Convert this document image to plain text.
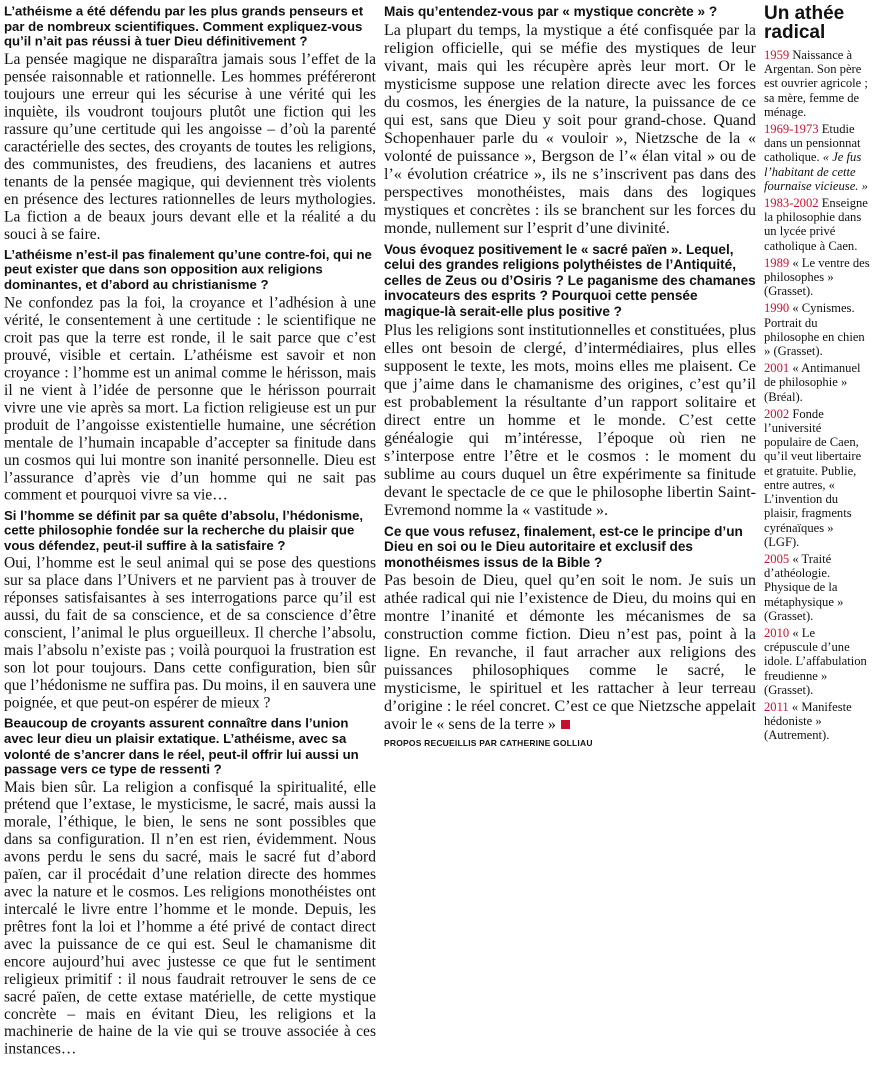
L’athéisme a été défendu par les plus grands penseurs et par de nombreux scientifiques. Comment expliquez-vous qu’il n’ait pas réussi à tuer Dieu définitivement ?

La pensée magique ne disparaîtra jamais sous l’effet de la pensée raisonnable et rationnelle. Les hommes préféreront toujours une erreur qui les sécurise à une vérité qui les inquiète, ils voudront toujours plutôt une fiction qui les rassure qu’une certitude qui les angoisse – d’où la parenté caractérielle des sectes, des croyants de toutes les religions, des communistes, des freudiens, des lacaniens et autres tenants de la pensée magique, qui deviennent très violents en présence des lectures rationnelles de leurs mythologies. La fiction a de beaux jours devant elle et la réalité a du souci à se faire.

L’athéisme n’est-il pas finalement qu’une contre-foi, qui ne peut exister que dans son opposition aux religions dominantes, et d’abord au christianisme ?

Ne confondez pas la foi, la croyance et l’adhésion à une vérité, le consentement à une certitude : le scientifique ne croit pas que la terre est ronde, il le sait parce que c’est prouvé, visible et certain. L’athéisme est savoir et non croyance : l’homme est un animal comme le hérisson, mais il ne vient à l’idée de personne que le hérisson pourrait vivre une vie après sa mort. La fiction religieuse est un pur produit de l’angoisse existentielle humaine, une sécrétion mentale de l’humain incapable d’accepter sa finitude dans un cosmos qui lui montre son inanité personnelle. Dieu est l’assurance d’après vie d’un homme qui ne sait pas comment et pourquoi vivre sa vie…

Si l’homme se définit par sa quête d’absolu, l’hédonisme, cette philosophie fondée sur la recherche du plaisir que vous défendez, peut-il suffire à la satisfaire ?

Oui, l’homme est le seul animal qui se pose des questions sur sa place dans l’Univers et ne parvient pas à trouver de réponses satisfaisantes à ses interrogations parce qu’il est aussi, du fait de sa conscience, et de sa conscience d’être conscient, l’animal le plus orgueilleux. Il cherche l’absolu, mais l’absolu n’existe pas ; voilà pourquoi la frustration est son lot pour toujours. Dans cette configuration, bien sûr que l’hédonisme ne suffira pas. Du moins, il en sauvera une poignée, et que peut-on espérer de mieux ?

Beaucoup de croyants assurent connaître dans l’union avec leur dieu un plaisir extatique. L’athéisme, avec sa volonté de s’ancrer dans le réel, peut-il offrir lui aussi un passage vers ce type de ressenti ?

Mais bien sûr. La religion a confisqué la spiritualité, elle prétend que l’extase, le mysticisme, le sacré, mais aussi la morale, l’éthique, le bien, le sens ne sont possibles que dans sa configuration. Il n’en est rien, évidemment. Nous avons perdu le sens du sacré, mais le sacré fut d’abord païen, car il procédait d’une relation directe des hommes avec la nature et le cosmos. Les religions monothéistes ont intercalé le livre entre l’homme et le monde. Depuis, les prêtres font la loi et l’homme a été privé de contact direct avec la puissance de ce qui est. Seul le chamanisme dit encore aujourd’hui avec justesse ce que fut le sentiment religieux primitif : il nous faudrait retrouver le sens de ce sacré païen, de cette extase matérielle, de cette mystique concrète – mais en évitant Dieu, les religions et la machinerie de haine de la vie qui se trouve associée à ces instances…

Mais qu’entendez-vous par « mystique concrète » ?

La plupart du temps, la mystique a été confisquée par la religion officielle, qui se méfie des mystiques de leur vivant, mais qui les récupère après leur mort. Or le mysticisme suppose une relation directe avec les forces du cosmos, les énergies de la nature, la puissance de ce qui est, sans que Dieu y soit pour grand-chose. Quand Schopenhauer parle du « vouloir », Nietzsche de la « volonté de puissance », Bergson de l’« élan vital » ou de l’« évolution créatrice », ils ne s’inscrivent pas dans des perspectives monothéistes, mais dans des logiques mystiques et concrètes : ils se branchent sur les forces du monde, nullement sur l’esprit d’une divinité.

Vous évoquez positivement le « sacré païen ». Lequel, celui des grandes religions polythéistes de l’Antiquité, celles de Zeus ou d’Osiris ? Le paganisme des chamanes invocateurs des esprits ? Pourquoi cette pensée magique-là serait-elle plus positive ?

Plus les religions sont institutionnelles et constituées, plus elles ont besoin de clergé, d’intermédiaires, plus elles supposent le texte, les mots, moins elles me plaisent. Ce que j’aime dans le chamanisme des origines, c’est qu’il est probablement la résultante d’un rapport solitaire et direct entre un homme et le monde. C’est cette généalogie qui m’intéresse, l’époque où rien ne s’interpose entre l’être et le cosmos : le moment du sublime au cours duquel un être expérimente sa finitude devant le spectacle de ce que le philosophe libertin Saint-Evremond nomme la « vastitude ».

Ce que vous refusez, finalement, est-ce le principe d’un Dieu en soi ou le Dieu autoritaire et exclusif des monothéismes issus de la Bible ?

Pas besoin de Dieu, quel qu’en soit le nom. Je suis un athée radical qui nie l’existence de Dieu, du moins qui en montre l’inanité et démonte les mécanismes de sa construction comme fiction. Dieu n’est pas, point à la ligne. En revanche, il faut arracher aux religions des puissances philosophiques comme le sacré, le mysticisme, le spirituel et les rattacher à leur terreau d’origine : le réel concret. C’est ce que Nietzsche appelait avoir le « sens de la terre »

PROPOS RECUEILLIS PAR CATHERINE GOLLIAU

Un athée radical

1959 Naissance à Argentan. Son père est ouvrier agricole ; sa mère, femme de ménage.

1969-1973 Etudie dans un pensionnat catholique. « Je fus l’habitant de cette fournaise vicieuse. »

1983-2002 Enseigne la philosophie dans un lycée privé catholique à Caen.

1989 « Le ventre des philosophes » (Grasset).

1990 « Cynismes. Portrait du philosophe en chien » (Grasset).

2001 « Antimanuel de philosophie » (Bréal).

2002 Fonde l’université populaire de Caen, qu’il veut libertaire et gratuite. Publie, entre autres, « L’invention du plaisir, fragments cyrénaïques » (LGF).

2005 « Traité d’athéologie. Physique de la métaphysique » (Grasset).

2010 « Le crépuscule d’une idole. L’affabulation freudienne » (Grasset).

2011 « Manifeste hédoniste » (Autrement).
